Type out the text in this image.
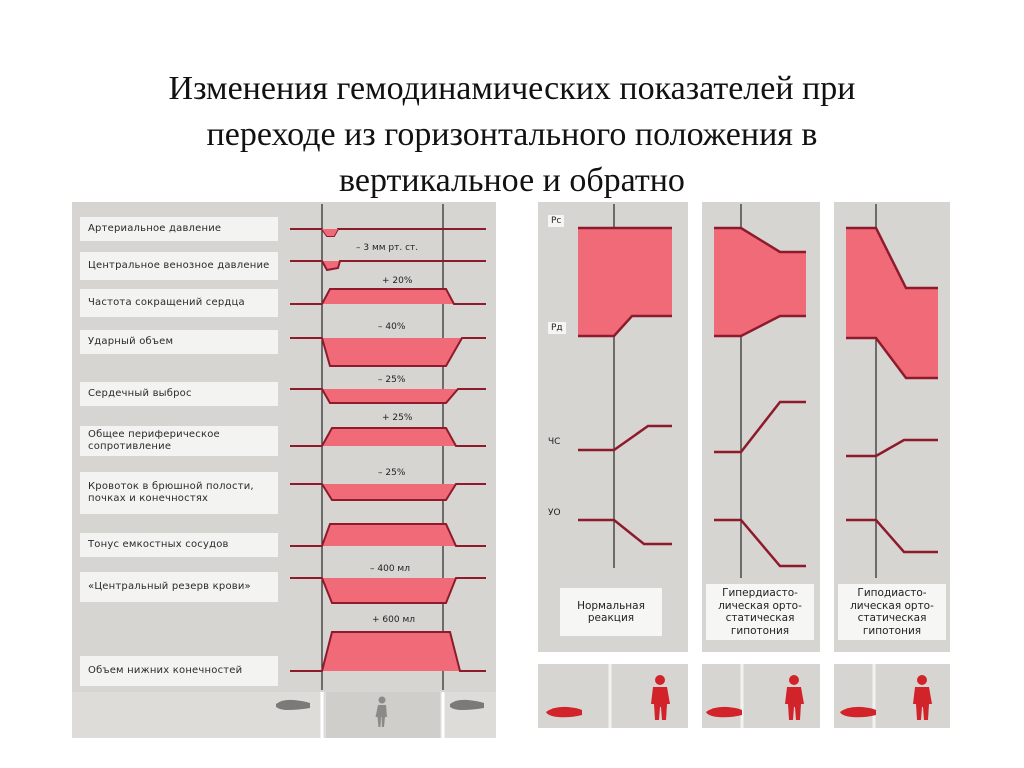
Изменения гемодинамических показателей при
переходе из горизонтального положения в
вертикальное и обратно
Артериальное давление
Центральное венозное давление
Частота сокращений сердца
Ударный объем
Сердечный выброс
Общее периферическое сопротивление
Кровоток в брюшной полости, почках и конечностях
Тонус емкостных сосудов
«Центральный резерв крови»
Объем нижних конечностей
– 3 мм рт. ст.
+ 20%
– 40%
– 25%
+ 25%
– 25%
– 400 мл
+ 600 мл
Pс
Pд
ЧС
УО
Нормальная реакция
Гипердиасто- лическая орто- статическая гипотония
Гиподиасто- лическая орто- статическая гипотония
